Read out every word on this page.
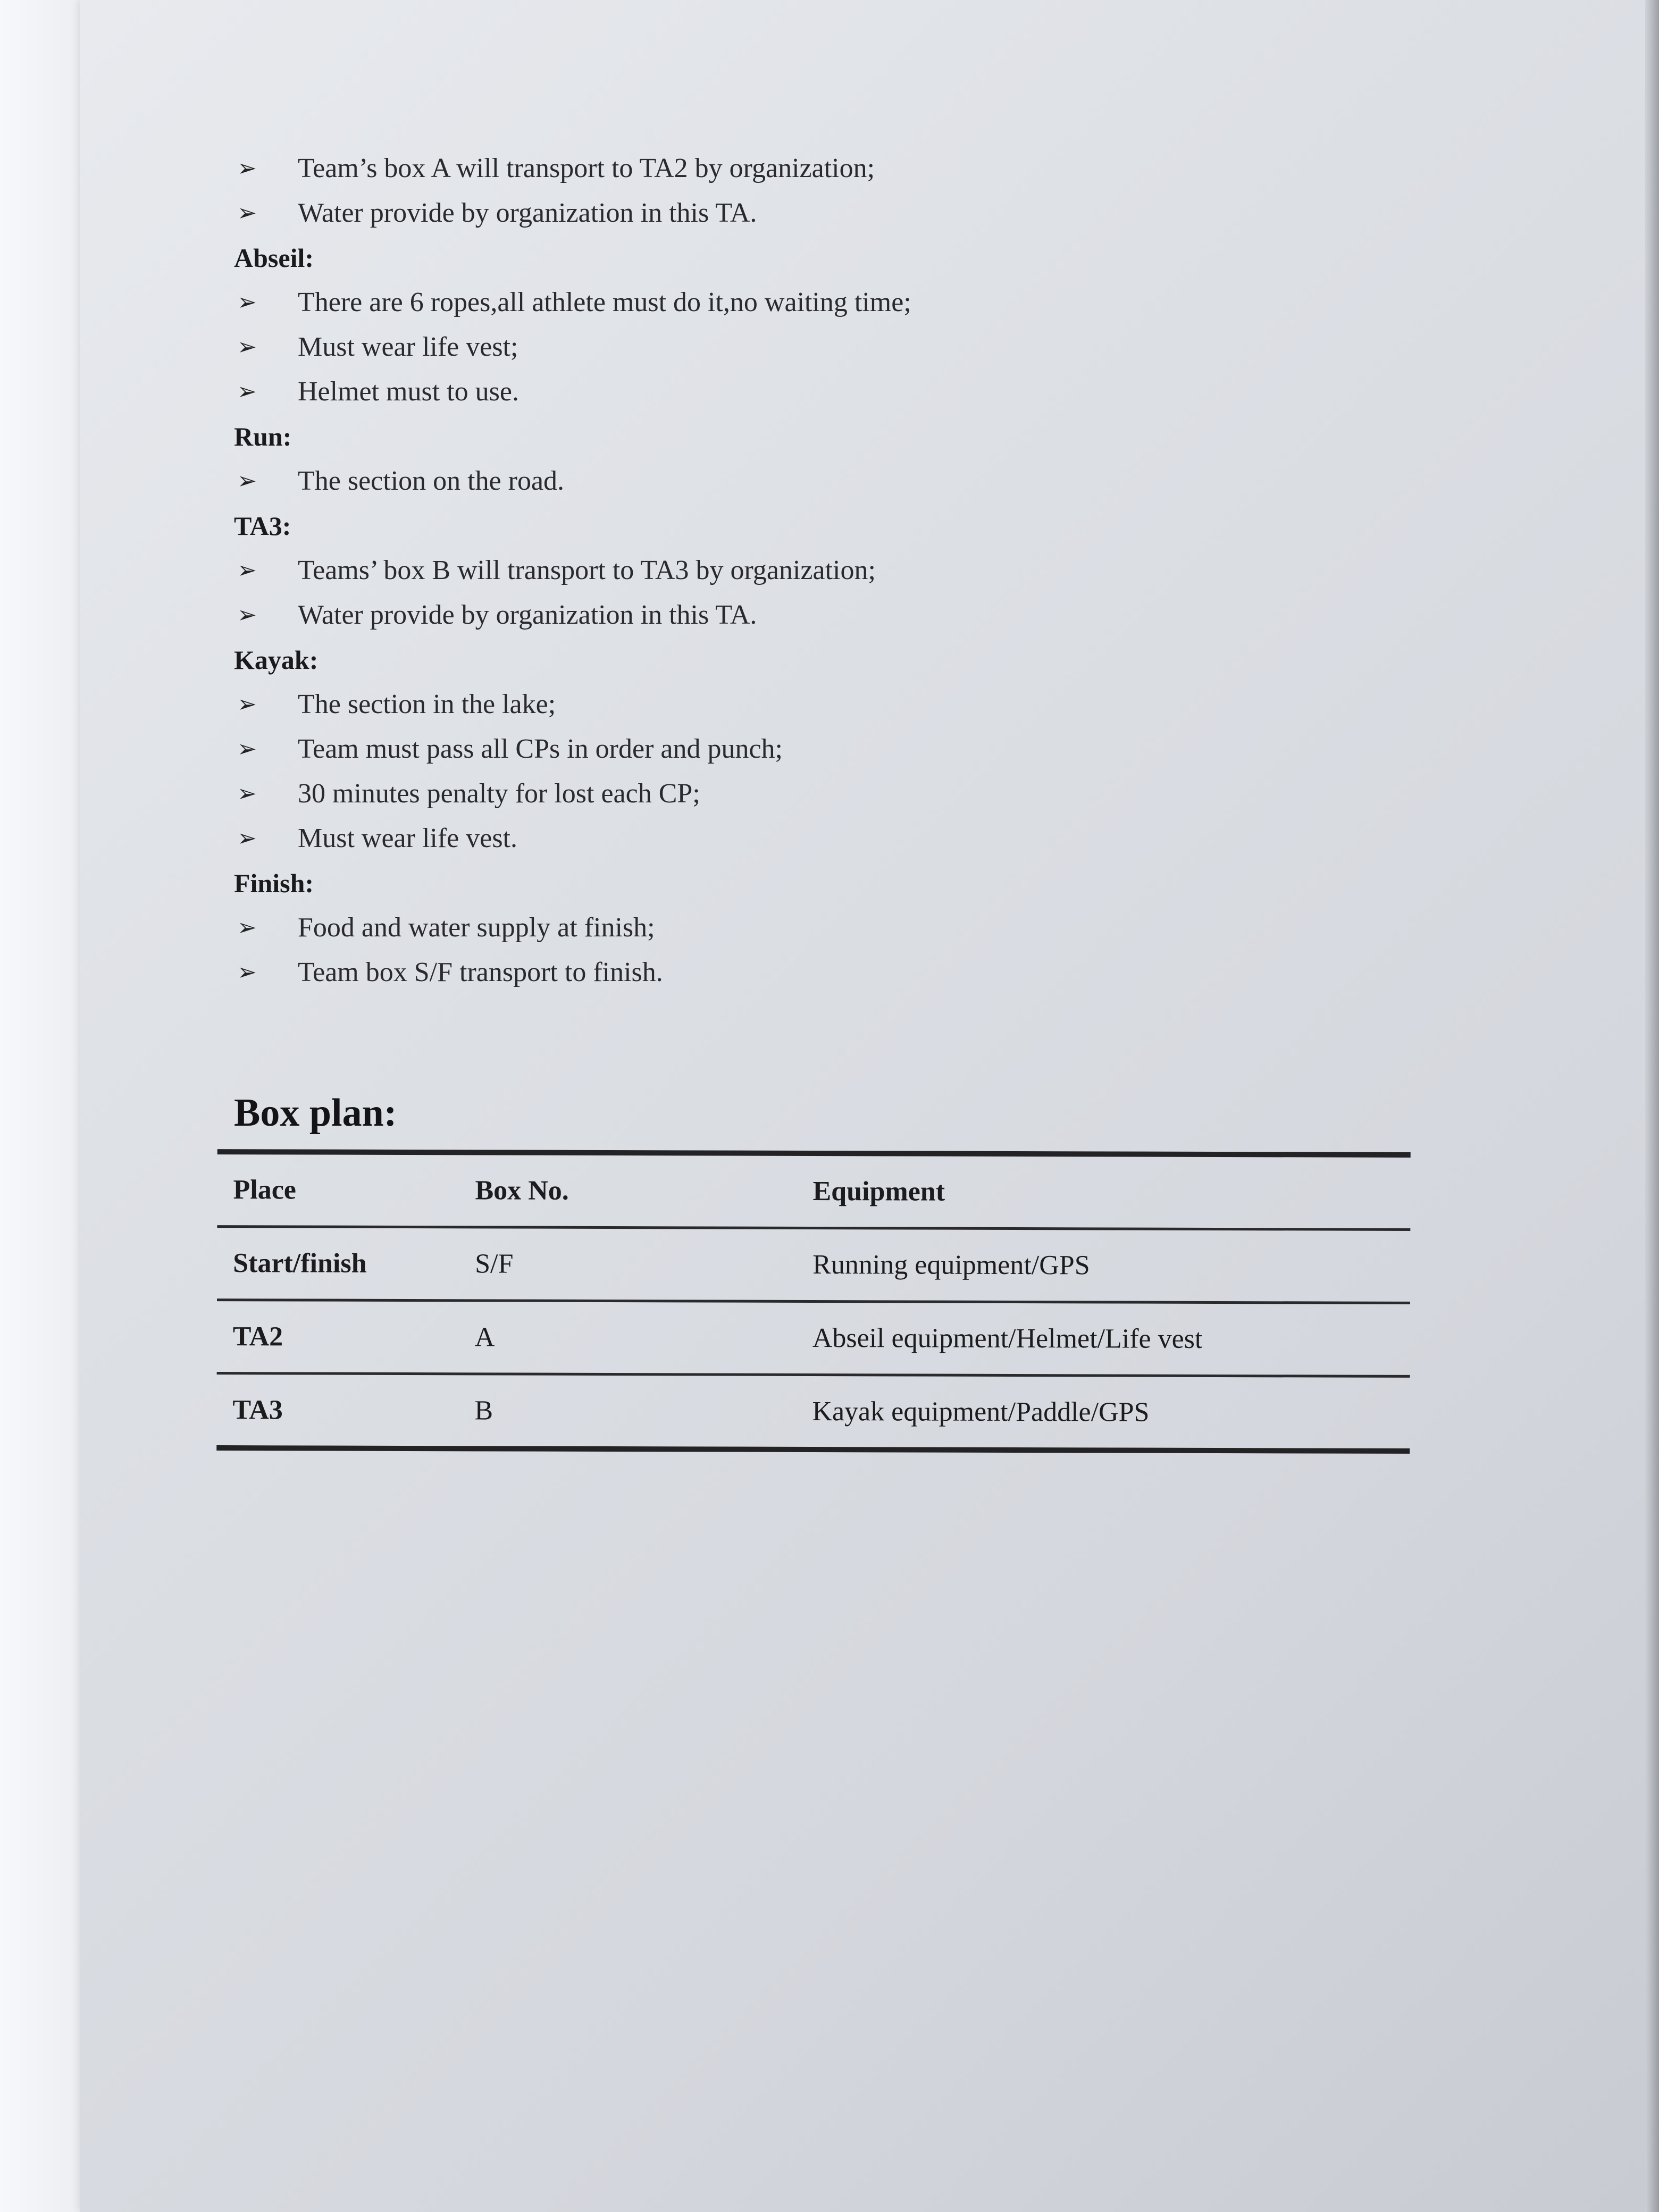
➢ Team’s box A will transport to TA2 by organization;
➢ Water provide by organization in this TA.
Abseil:
➢ There are 6 ropes,all athlete must do it,no waiting time;
➢ Must wear life vest;
➢ Helmet must to use.
Run:
➢ The section on the road.
TA3:
➢ Teams’ box B will transport to TA3 by organization;
➢ Water provide by organization in this TA.
Kayak:
➢ The section in the lake;
➢ Team must pass all CPs in order and punch;
➢ 30 minutes penalty for lost each CP;
➢ Must wear life vest.
Finish:
➢ Food and water supply at finish;
➢ Team box S/F transport to finish.
Box plan:
Place	Box No.	Equipment
Start/finish	S/F	Running equipment/GPS
TA2	A	Abseil equipment/Helmet/Life vest
TA3	B	Kayak equipment/Paddle/GPS
